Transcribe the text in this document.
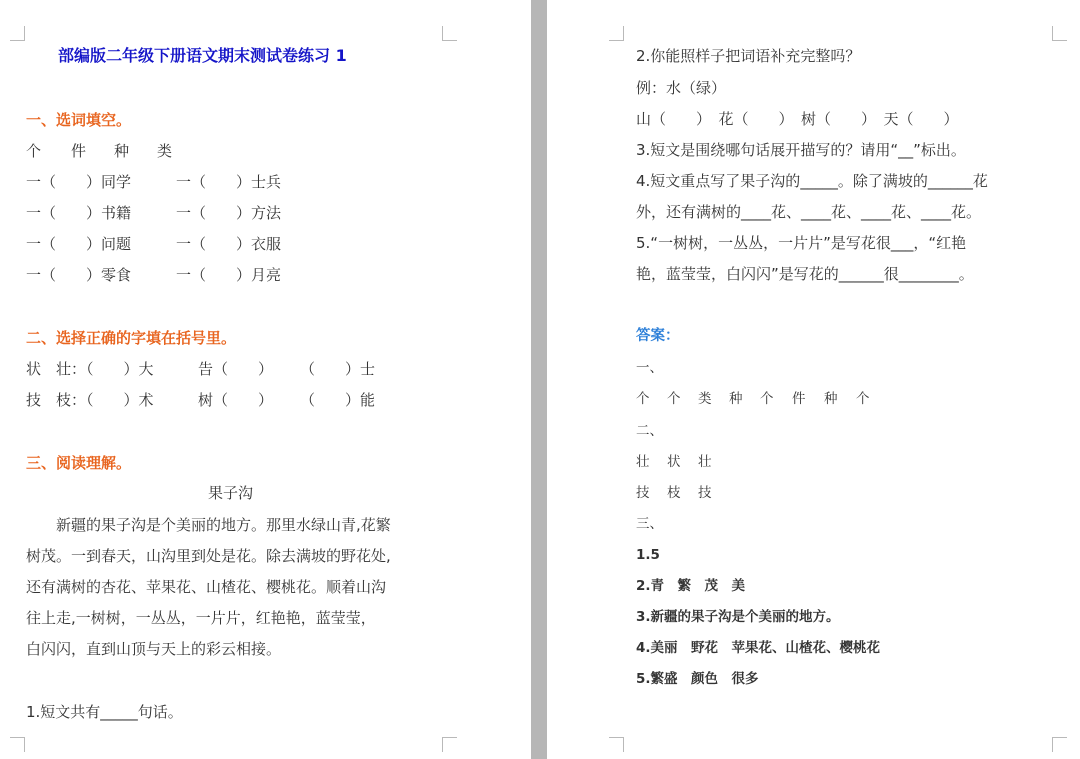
部编版二年级下册语文期末测试卷练习 1
一、选词填空。
个 件 种 类
一（　　）同学	一（　　）士兵
一（　　）书籍	一（　　）方法
一（　　）问题	一（　　）衣服
一（　　）零食	一（　　）月亮
二、选择正确的字填在括号里。
状　壮：（　　）大	告（　　） （　　）士
技　枝：（　　）术	树（　　） （　　）能
三、阅读理解。
果子沟
新疆的果子沟是个美丽的地方。那里水绿山青,花繁
树茂。一到春天，山沟里到处是花。除去满坡的野花处,
还有满树的杏花、苹果花、山楂花、樱桃花。顺着山沟
往上走,一树树，一丛丛，一片片，红艳艳，蓝莹莹，
白闪闪，直到山顶与天上的彩云相接。
1.短文共有_____句话。
2.你能照样子把词语补充完整吗？
例：水（绿）
山（　　）　花（　　）　树（　　）　天（　　）
3.短文是围绕哪句话展开描写的？请用“__”标出。
4.短文重点写了果子沟的_____。除了满坡的______花
外，还有满树的____花、____花、____花、____花。
5.“一树树，一丛丛，一片片”是写花很___，“红艳
艳，蓝莹莹，白闪闪”是写花的______很________。
答案：
一、
个 个 类 种 个 件 种 个
二、
壮 状 壮
技 枝 技
三、
1.5
2.青　繁　茂　美
3.新疆的果子沟是个美丽的地方。
4.美丽　野花　苹果花、山楂花、樱桃花
5.繁盛　颜色　很多
